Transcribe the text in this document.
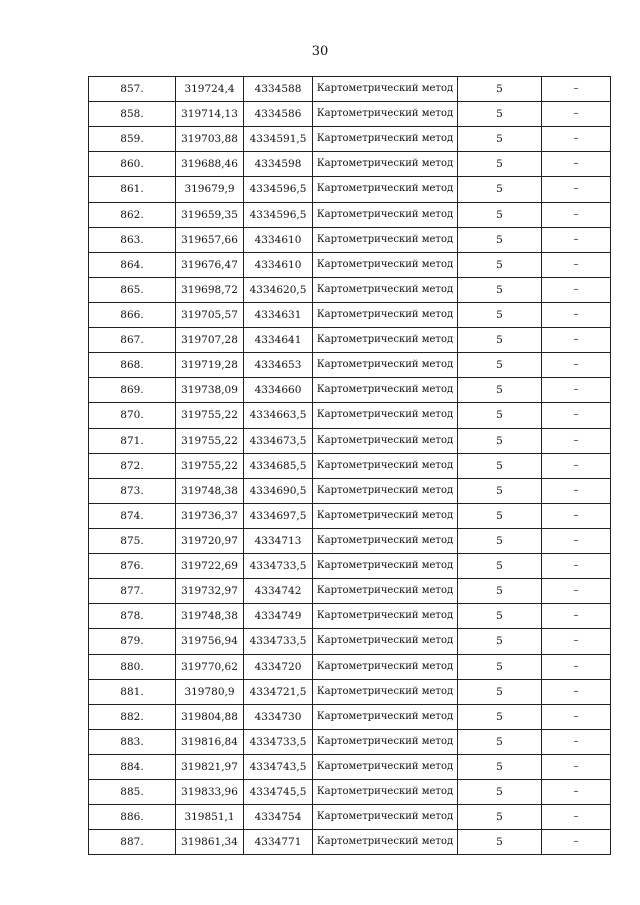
30
857.	319724,4	4334588	Картометрический метод	5	–
858.	319714,13	4334586	Картометрический метод	5	–
859.	319703,88	4334591,5	Картометрический метод	5	–
860.	319688,46	4334598	Картометрический метод	5	–
861.	319679,9	4334596,5	Картометрический метод	5	–
862.	319659,35	4334596,5	Картометрический метод	5	–
863.	319657,66	4334610	Картометрический метод	5	–
864.	319676,47	4334610	Картометрический метод	5	–
865.	319698,72	4334620,5	Картометрический метод	5	–
866.	319705,57	4334631	Картометрический метод	5	–
867.	319707,28	4334641	Картометрический метод	5	–
868.	319719,28	4334653	Картометрический метод	5	–
869.	319738,09	4334660	Картометрический метод	5	–
870.	319755,22	4334663,5	Картометрический метод	5	–
871.	319755,22	4334673,5	Картометрический метод	5	–
872.	319755,22	4334685,5	Картометрический метод	5	–
873.	319748,38	4334690,5	Картометрический метод	5	–
874.	319736,37	4334697,5	Картометрический метод	5	–
875.	319720,97	4334713	Картометрический метод	5	–
876.	319722,69	4334733,5	Картометрический метод	5	–
877.	319732,97	4334742	Картометрический метод	5	–
878.	319748,38	4334749	Картометрический метод	5	–
879.	319756,94	4334733,5	Картометрический метод	5	–
880.	319770,62	4334720	Картометрический метод	5	–
881.	319780,9	4334721,5	Картометрический метод	5	–
882.	319804,88	4334730	Картометрический метод	5	–
883.	319816,84	4334733,5	Картометрический метод	5	–
884.	319821,97	4334743,5	Картометрический метод	5	–
885.	319833,96	4334745,5	Картометрический метод	5	–
886.	319851,1	4334754	Картометрический метод	5	–
887.	319861,34	4334771	Картометрический метод	5	–
